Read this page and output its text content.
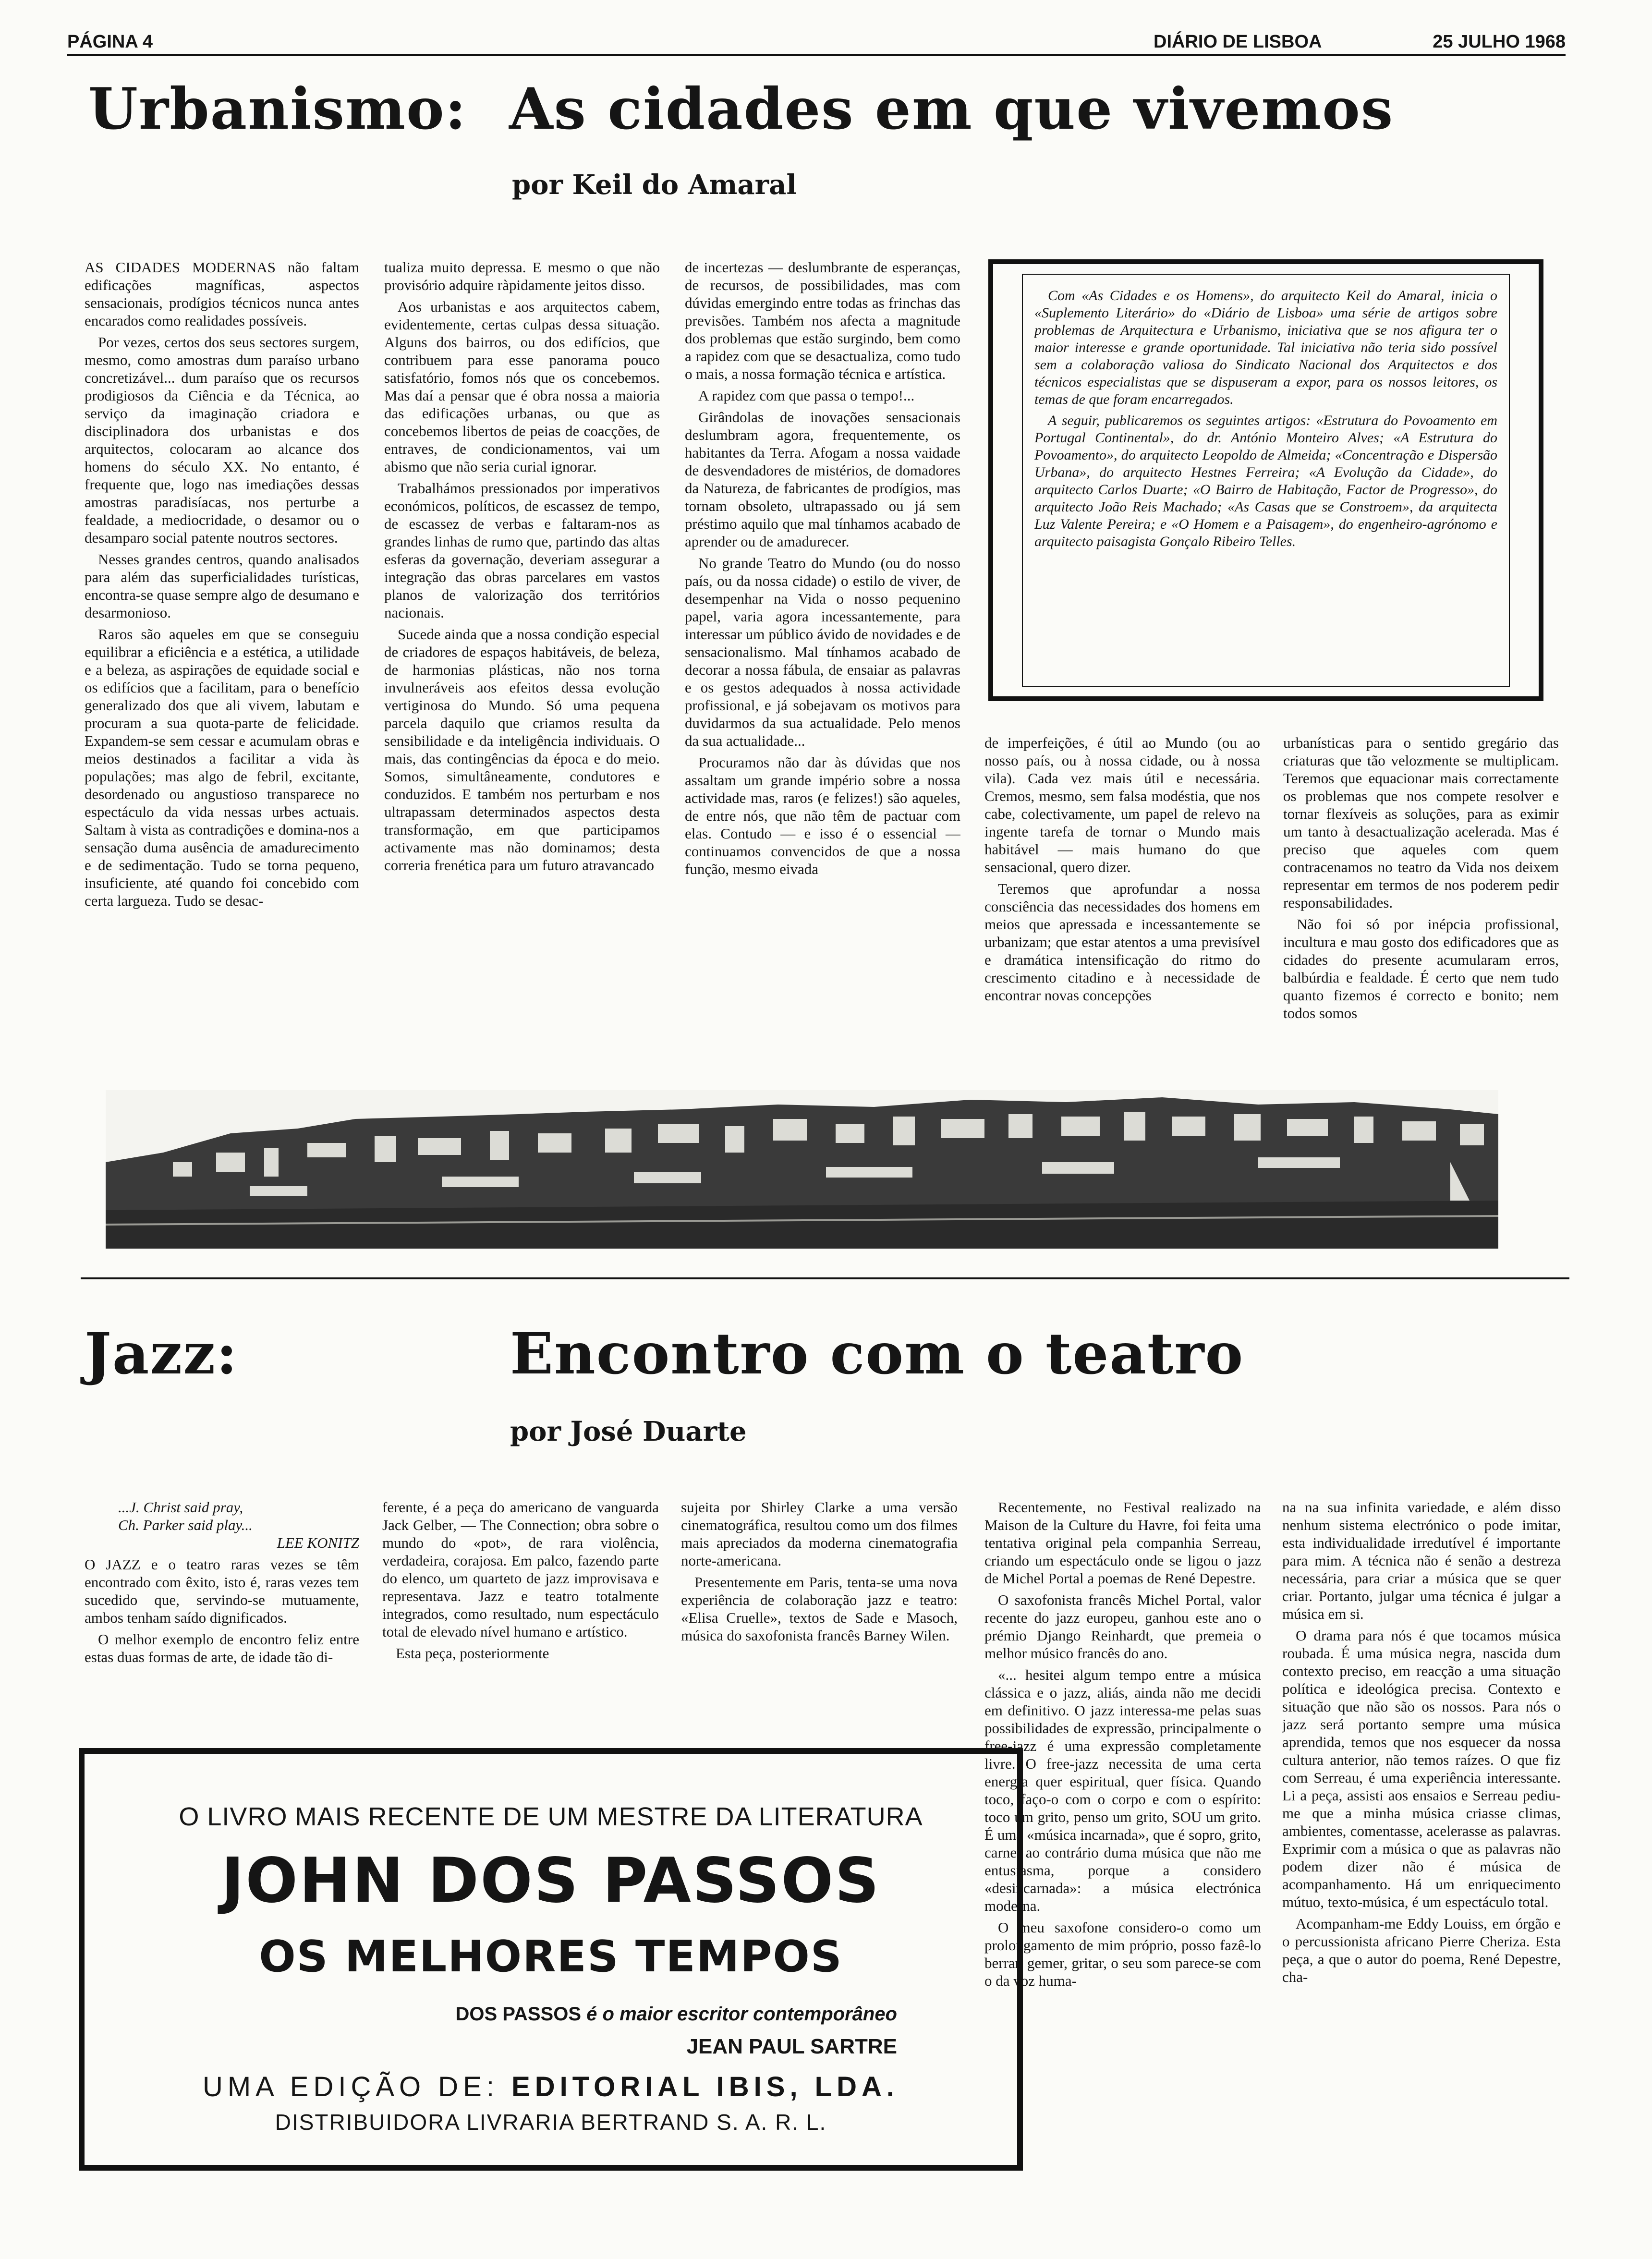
PÁGINA 4	DIÁRIO DE LISBOA	25 JULHO 1968
Urbanismo: As cidades em que vivemos
por Keil do Amaral

AS CIDADES MODERNAS não faltam edificações magníficas, aspectos sensacionais, prodígios técnicos nunca antes encarados como realidades possíveis.

Por vezes, certos dos seus sectores surgem, mesmo, como amostras dum paraíso urbano concretizável... dum paraíso que os recursos prodigiosos da Ciência e da Técnica, ao serviço da imaginação criadora e disciplinadora dos urbanistas e dos arquitectos, colocaram ao alcance dos homens do século XX. No entanto, é frequente que, logo nas imediações dessas amostras paradisíacas, nos perturbe a fealdade, a mediocridade, o desamor ou o desamparo social patente noutros sectores.

Nesses grandes centros, quando analisados para além das superficialidades turísticas, encontra-se quase sempre algo de desumano e desarmonioso.

Raros são aqueles em que se conseguiu equilibrar a eficiência e a estética, a utilidade e a beleza, as aspirações de equidade social e os edifícios que a facilitam, para o benefício generalizado dos que ali vivem, labutam e procuram a sua quota-parte de felicidade. Expandem-se sem cessar e acumulam obras e meios destinados a facilitar a vida às populações; mas algo de febril, excitante, desordenado ou angustioso transparece no espectáculo da vida nessas urbes actuais. Saltam à vista as contradições e domina-nos a sensação duma ausência de amadurecimento e de sedimentação. Tudo se torna pequeno, insuficiente, até quando foi concebido com certa largueza. Tudo se desac-

tualiza muito depressa. E mesmo o que não provisório adquire ràpidamente jeitos disso.

Aos urbanistas e aos arquitectos cabem, evidentemente, certas culpas dessa situação. Alguns dos bairros, ou dos edifícios, que contribuem para esse panorama pouco satisfatório, fomos nós que os concebemos. Mas daí a pensar que é obra nossa a maioria das edificações urbanas, ou que as concebemos libertos de peias de coacções, de entraves, de condicionamentos, vai um abismo que não seria curial ignorar.

Trabalhámos pressionados por imperativos económicos, políticos, de escassez de tempo, de escassez de verbas e faltaram-nos as grandes linhas de rumo que, partindo das altas esferas da governação, deveriam assegurar a integração das obras parcelares em vastos planos de valorização dos territórios nacionais.

Sucede ainda que a nossa condição especial de criadores de espaços habitáveis, de beleza, de harmonias plásticas, não nos torna invulneráveis aos efeitos dessa evolução vertiginosa do Mundo. Só uma pequena parcela daquilo que criamos resulta da sensibilidade e da inteligência individuais. O mais, das contingências da época e do meio. Somos, simultâneamente, condutores e conduzidos. E também nos perturbam e nos ultrapassam determinados aspectos desta transformação, em que participamos activamente mas não dominamos; desta correria frenética para um futuro atravancado

de incertezas — deslumbrante de esperanças, de recursos, de possibilidades, mas com dúvidas emergindo entre todas as frinchas das previsões. Também nos afecta a magnitude dos problemas que estão surgindo, bem como a rapidez com que se desactualiza, como tudo o mais, a nossa formação técnica e artística.

A rapidez com que passa o tempo!...

Girândolas de inovações sensacionais deslumbram agora, frequentemente, os habitantes da Terra. Afogam a nossa vaidade de desvendadores de mistérios, de domadores da Natureza, de fabricantes de prodígios, mas tornam obsoleto, ultrapassado ou já sem préstimo aquilo que mal tínhamos acabado de aprender ou de amadurecer.

No grande Teatro do Mundo (ou do nosso país, ou da nossa cidade) o estilo de viver, de desempenhar na Vida o nosso pequenino papel, varia agora incessantemente, para interessar um público ávido de novidades e de sensacionalismo. Mal tínhamos acabado de decorar a nossa fábula, de ensaiar as palavras e os gestos adequados à nossa actividade profissional, e já sobejavam os motivos para duvidarmos da sua actualidade. Pelo menos da sua actualidade...

Procuramos não dar às dúvidas que nos assaltam um grande império sobre a nossa actividade mas, raros (e felizes!) são aqueles, de entre nós, que não têm de pactuar com elas. Contudo — e isso é o essencial — continuamos convencidos de que a nossa função, mesmo eivada

Com «As Cidades e os Homens», do arquitecto Keil do Amaral, inicia o «Suplemento Literário» do «Diário de Lisboa» uma série de artigos sobre problemas de Arquitectura e Urbanismo, iniciativa que se nos afigura ter o maior interesse e grande oportunidade. Tal iniciativa não teria sido possível sem a colaboração valiosa do Sindicato Nacional dos Arquitectos e dos técnicos especialistas que se dispuseram a expor, para os nossos leitores, os temas de que foram encarregados.

A seguir, publicaremos os seguintes artigos: «Estrutura do Povoamento em Portugal Continental», do dr. António Monteiro Alves; «A Estrutura do Povoamento», do arquitecto Leopoldo de Almeida; «Concentração e Dispersão Urbana», do arquitecto Hestnes Ferreira; «A Evolução da Cidade», do arquitecto Carlos Duarte; «O Bairro de Habitação, Factor de Progresso», do arquitecto João Reis Machado; «As Casas que se Constroem», da arquitecta Luz Valente Pereira; e «O Homem e a Paisagem», do engenheiro-agrónomo e arquitecto paisagista Gonçalo Ribeiro Telles.

de imperfeições, é útil ao Mundo (ou ao nosso país, ou à nossa cidade, ou à nossa vila). Cada vez mais útil e necessária. Cremos, mesmo, sem falsa modéstia, que nos cabe, colectivamente, um papel de relevo na ingente tarefa de tornar o Mundo mais habitável — mais humano do que sensacional, quero dizer.

Teremos que aprofundar a nossa consciência das necessidades dos homens em meios que apressada e incessantemente se urbanizam; que estar atentos a uma previsível e dramática intensificação do ritmo do crescimento citadino e à necessidade de encontrar novas concepções

urbanísticas para o sentido gregário das criaturas que tão velozmente se multiplicam. Teremos que equacionar mais correctamente os problemas que nos compete resolver e tornar flexíveis as soluções, para as eximir um tanto à desactualização acelerada. Mas é preciso que aqueles com quem contracenamos no teatro da Vida nos deixem representar em termos de nos poderem pedir responsabilidades.

Não foi só por inépcia profissional, incultura e mau gosto dos edificadores que as cidades do presente acumularam erros, balbúrdia e fealdade. É certo que nem tudo quanto fizemos é correcto e bonito; nem todos somos

Jazz:	Encontro com o teatro
por José Duarte
...J. Christ said pray,
Ch. Parker said play...
LEE KONITZ

O JAZZ e o teatro raras vezes se têm encontrado com êxito, isto é, raras vezes tem sucedido que, servindo-se mutuamente, ambos tenham saído dignificados.

O melhor exemplo de encontro feliz entre estas duas formas de arte, de idade tão di-

ferente, é a peça do americano de vanguarda Jack Gelber, — The Connection; obra sobre o mundo do «pot», de rara violência, verdadeira, corajosa. Em palco, fazendo parte do elenco, um quarteto de jazz improvisava e representava. Jazz e teatro totalmente integrados, como resultado, num espectáculo total de elevado nível humano e artístico.

Esta peça, posteriormente

sujeita por Shirley Clarke a uma versão cinematográfica, resultou como um dos filmes mais apreciados da moderna cinematografia norte-americana.

Presentemente em Paris, tenta-se uma nova experiência de colaboração jazz e teatro: «Elisa Cruelle», textos de Sade e Masoch, música do saxofonista francês Barney Wilen.

Recentemente, no Festival realizado na Maison de la Culture du Havre, foi feita uma tentativa original pela companhia Serreau, criando um espectáculo onde se ligou o jazz de Michel Portal a poemas de René Depestre.

O saxofonista francês Michel Portal, valor recente do jazz europeu, ganhou este ano o prémio Django Reinhardt, que premeia o melhor músico francês do ano.

«... hesitei algum tempo entre a música clássica e o jazz, aliás, ainda não me decidi em definitivo. O jazz interessa-me pelas suas possibilidades de expressão, principalmente o free-jazz é uma expressão completamente livre. O free-jazz necessita de uma certa energia quer espiritual, quer física. Quando toco, faço-o com o corpo e com o espírito: toco um grito, penso um grito, SOU um grito. É uma «música incarnada», que é sopro, grito, carne, ao contrário duma música que não me entusiasma, porque a considero «desincarnada»: a música electrónica moderna.

O meu saxofone considero-o como um prolongamento de mim próprio, posso fazê-lo berrar, gemer, gritar, o seu som parece-se com o da voz huma-

na na sua infinita variedade, e além disso nenhum sistema electrónico o pode imitar, esta individualidade irredutível é importante para mim. A técnica não é senão a destreza necessária, para criar a música que se quer criar. Portanto, julgar uma técnica é julgar a música em si.

O drama para nós é que tocamos música roubada. É uma música negra, nascida dum contexto preciso, em reacção a uma situação política e ideológica precisa. Contexto e situação que não são os nossos. Para nós o jazz será portanto sempre uma música aprendida, temos que nos esquecer da nossa cultura anterior, não temos raízes. O que fiz com Serreau, é uma experiência interessante. Li a peça, assisti aos ensaios e Serreau pediu-me que a minha música criasse climas, ambientes, comentasse, acelerasse as palavras. Exprimir com a música o que as palavras não podem dizer não é música de acompanhamento. Há um enriquecimento mútuo, texto-música, é um espectáculo total.

Acompanham-me Eddy Louiss, em órgão e o percussionista africano Pierre Cheriza. Esta peça, a que o autor do poema, René Depestre, cha-

O LIVRO MAIS RECENTE DE UM MESTRE DA LITERATURA
JOHN DOS PASSOS
OS MELHORES TEMPOS
DOS PASSOS é o maior escritor contemporâneo
JEAN PAUL SARTRE
UMA EDIÇÃO DE: EDITORIAL IBIS, LDA.
DISTRIBUIDORA LIVRARIA BERTRAND S. A. R. L.
